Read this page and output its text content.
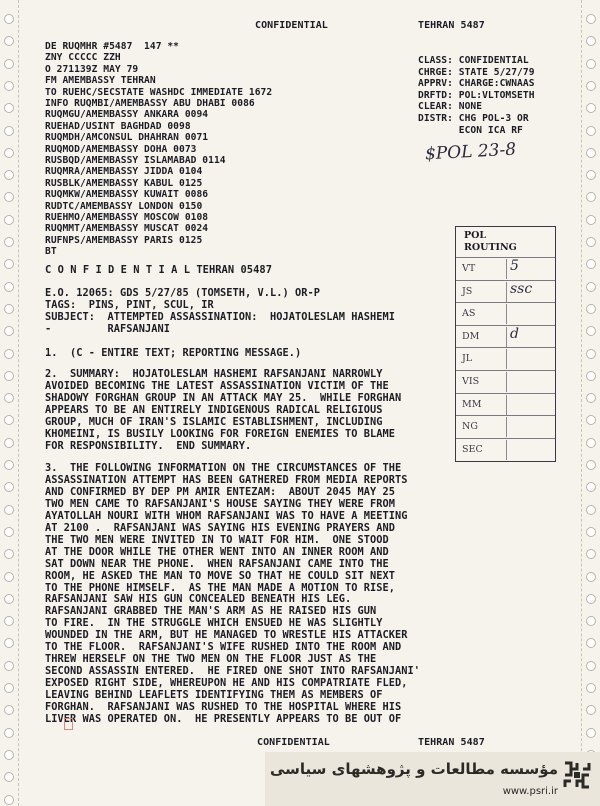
CONFIDENTIAL	TEHRAN 5487
DE RUQMHR #5487  147 **
ZNY CCCCC ZZH
O 271139Z MAY 79
FM AMEMBASSY TEHRAN
TO RUEHC/SECSTATE WASHDC IMMEDIATE 1672
INFO RUQMBI/AMEMBASSY ABU DHABI 0086
RUQMGU/AMEMBASSY ANKARA 0094
RUEHAD/USINT BAGHDAD 0098
RUQMDH/AMCONSUL DHAHRAN 0071
RUQMOD/AMEMBASSY DOHA 0073
RUSBQD/AMEMBASSY ISLAMABAD 0114
RUQMRA/AMEMBASSY JIDDA 0104
RUSBLK/AMEMBASSY KABUL 0125
RUQMKW/AMEMBASSY KUWAIT 0086
RUDTC/AMEMBASSY LONDON 0150
RUEHMO/AMEMBASSY MOSCOW 0108
RUQMMT/AMEMBASSY MUSCAT 0024
RUFNPS/AMEMBASSY PARIS 0125
BT
CLASS: CONFIDENTIAL
CHRGE: STATE 5/27/79
APPRV: CHARGE:CWNAAS
DRFTD: POL:VLTOMSETH
CLEAR: NONE
DISTR: CHG POL-3 OR
ECON ICA RF
$POL 23-8
C O N F I D E N T I A L TEHRAN 05487
E.O. 12065: GDS 5/27/85 (TOMSETH, V.L.) OR-P
TAGS:  PINS, PINT, SCUL, IR
SUBJECT:  ATTEMPTED ASSASSINATION:  HOJATOLESLAM HASHEMI
-         RAFSANJANI
1.  (C - ENTIRE TEXT; REPORTING MESSAGE.)
2.  SUMMARY:  HOJATOLESLAM HASHEMI RAFSANJANI NARROWLY
AVOIDED BECOMING THE LATEST ASSASSINATION VICTIM OF THE
SHADOWY FORGHAN GROUP IN AN ATTACK MAY 25.  WHILE FORGHAN
APPEARS TO BE AN ENTIRELY INDIGENOUS RADICAL RELIGIOUS
GROUP, MUCH OF IRAN'S ISLAMIC ESTABLISHMENT, INCLUDING
KHOMEINI, IS BUSILY LOOKING FOR FOREIGN ENEMIES TO BLAME
FOR RESPONSIBILITY.  END SUMMARY.
3.  THE FOLLOWING INFORMATION ON THE CIRCUMSTANCES OF THE
ASSASSINATION ATTEMPT HAS BEEN GATHERED FROM MEDIA REPORTS
AND CONFIRMED BY DEP PM AMIR ENTEZAM:  ABOUT 2045 MAY 25
TWO MEN CAME TO RAFSANJANI'S HOUSE SAYING THEY WERE FROM
AYATOLLAH NOURI WITH WHOM RAFSANJANI WAS TO HAVE A MEETING
AT 2100 .  RAFSANJANI WAS SAYING HIS EVENING PRAYERS AND
THE TWO MEN WERE INVITED IN TO WAIT FOR HIM.  ONE STOOD
AT THE DOOR WHILE THE OTHER WENT INTO AN INNER ROOM AND
SAT DOWN NEAR THE PHONE.  WHEN RAFSANJANI CAME INTO THE
ROOM, HE ASKED THE MAN TO MOVE SO THAT HE COULD SIT NEXT
TO THE PHONE HIMSELF.  AS THE MAN MADE A MOTION TO RISE,
RAFSANJANI SAW HIS GUN CONCEALED BENEATH HIS LEG.
RAFSANJANI GRABBED THE MAN'S ARM AS HE RAISED HIS GUN
TO FIRE.  IN THE STRUGGLE WHICH ENSUED HE WAS SLIGHTLY
WOUNDED IN THE ARM, BUT HE MANAGED TO WRESTLE HIS ATTACKER
TO THE FLOOR.  RAFSANJANI'S WIFE RUSHED INTO THE ROOM AND
THREW HERSELF ON THE TWO MEN ON THE FLOOR JUST AS THE
SECOND ASSASSIN ENTERED.  HE FIRED ONE SHOT INTO RAFSANJANI'
EXPOSED RIGHT SIDE, WHEREUPON HE AND HIS COMPATRIATE FLED,
LEAVING BEHIND LEAFLETS IDENTIFYING THEM AS MEMBERS OF
FORGHAN.  RAFSANJANI WAS RUSHED TO THE HOSPITAL WHERE HIS
LIVER WAS OPERATED ON.  HE PRESENTLY APPEARS TO BE OUT OF
POL
ROUTING
VT	5
JS	ssc
AS
DM	d
JL
VIS
MM
NG
SEC
CONFIDENTIAL	TEHRAN 5487
مؤسسه مطالعات و پژوهشهای سیاسی
www.psri.ir
